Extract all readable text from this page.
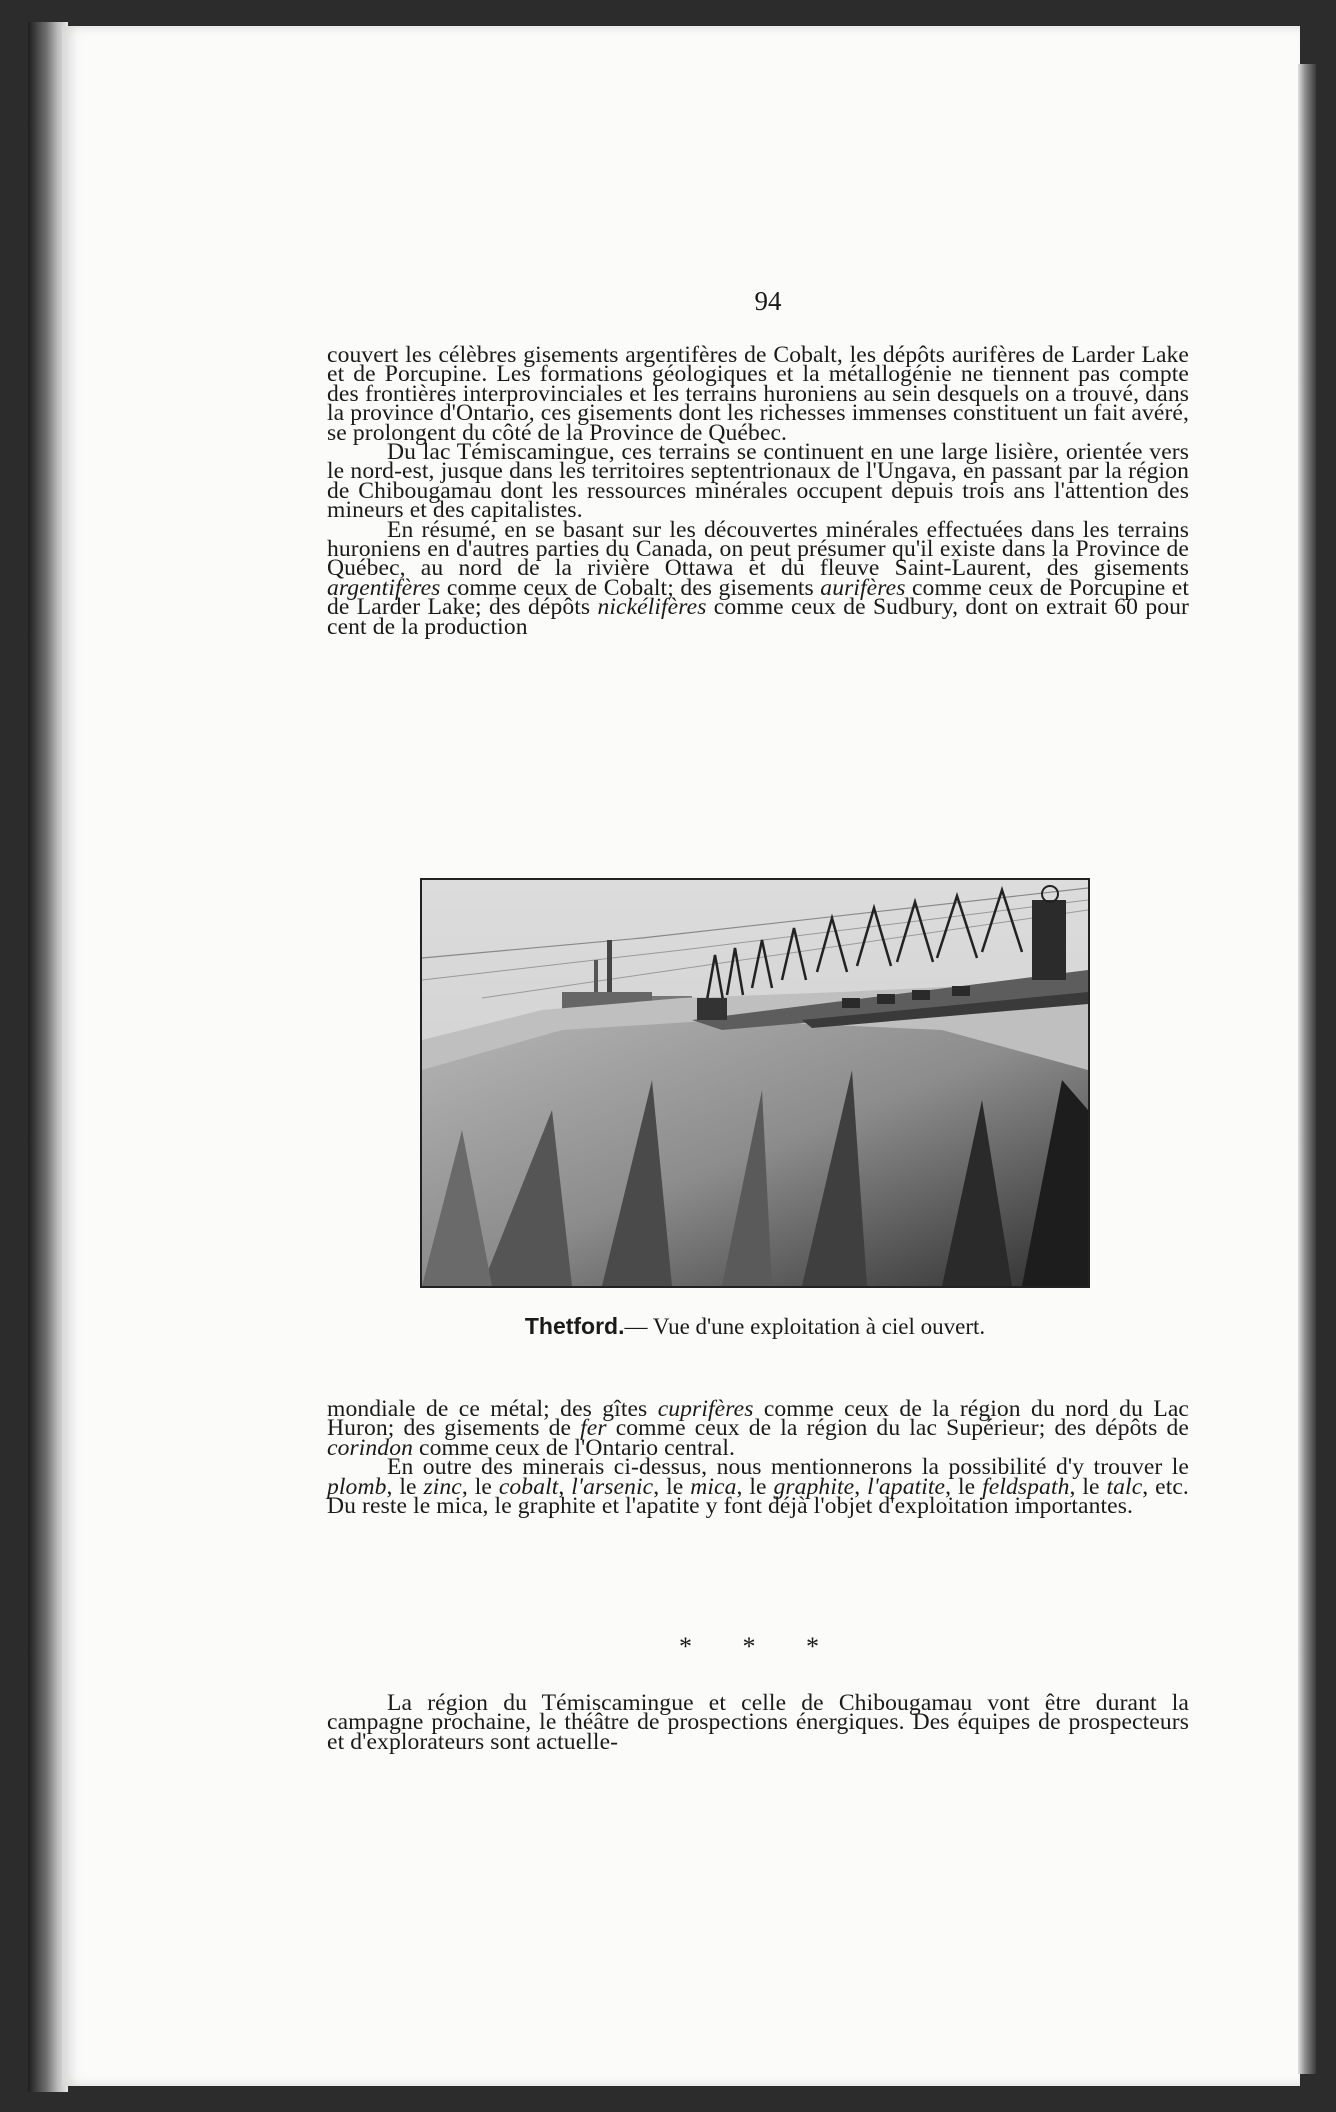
94

couvert les célèbres gisements argentifères de Cobalt, les dépôts aurifères de Larder Lake et de Porcupine. Les formations géologiques et la métallogénie ne tiennent pas compte des frontières interprovinciales et les terrains huroniens au sein desquels on a trouvé, dans la province d'Ontario, ces gisements dont les richesses immenses constituent un fait avéré, se prolongent du côté de la Province de Québec.

Du lac Témiscamingue, ces terrains se continuent en une large lisière, orientée vers le nord-est, jusque dans les territoires septentrionaux de l'Ungava, en passant par la région de Chibougamau dont les ressources minérales occupent depuis trois ans l'attention des mineurs et des capitalistes.

En résumé, en se basant sur les découvertes minérales effectuées dans les terrains huroniens en d'autres parties du Canada, on peut présumer qu'il existe dans la Province de Québec, au nord de la rivière Ottawa et du fleuve Saint-Laurent, des gisements argentifères comme ceux de Cobalt; des gisements aurifères comme ceux de Porcupine et de Larder Lake; des dépôts nickélifères comme ceux de Sudbury, dont on extrait 60 pour cent de la production

Thetford.— Vue d'une exploitation à ciel ouvert.

mondiale de ce métal; des gîtes cuprifères comme ceux de la région du nord du Lac Huron; des gisements de fer comme ceux de la région du lac Supérieur; des dépôts de corindon comme ceux de l'Ontario central.

En outre des minerais ci-dessus, nous mentionnerons la possibilité d'y trouver le plomb, le zinc, le cobalt, l'arsenic, le mica, le graphite, l'apatite, le feldspath, le talc, etc. Du reste le mica, le graphite et l'apatite y font déjà l'objet d'exploitation importantes.

* * *

La région du Témiscamingue et celle de Chibougamau vont être durant la campagne prochaine, le théâtre de prospections énergiques. Des équipes de prospecteurs et d'explorateurs sont actuelle-
